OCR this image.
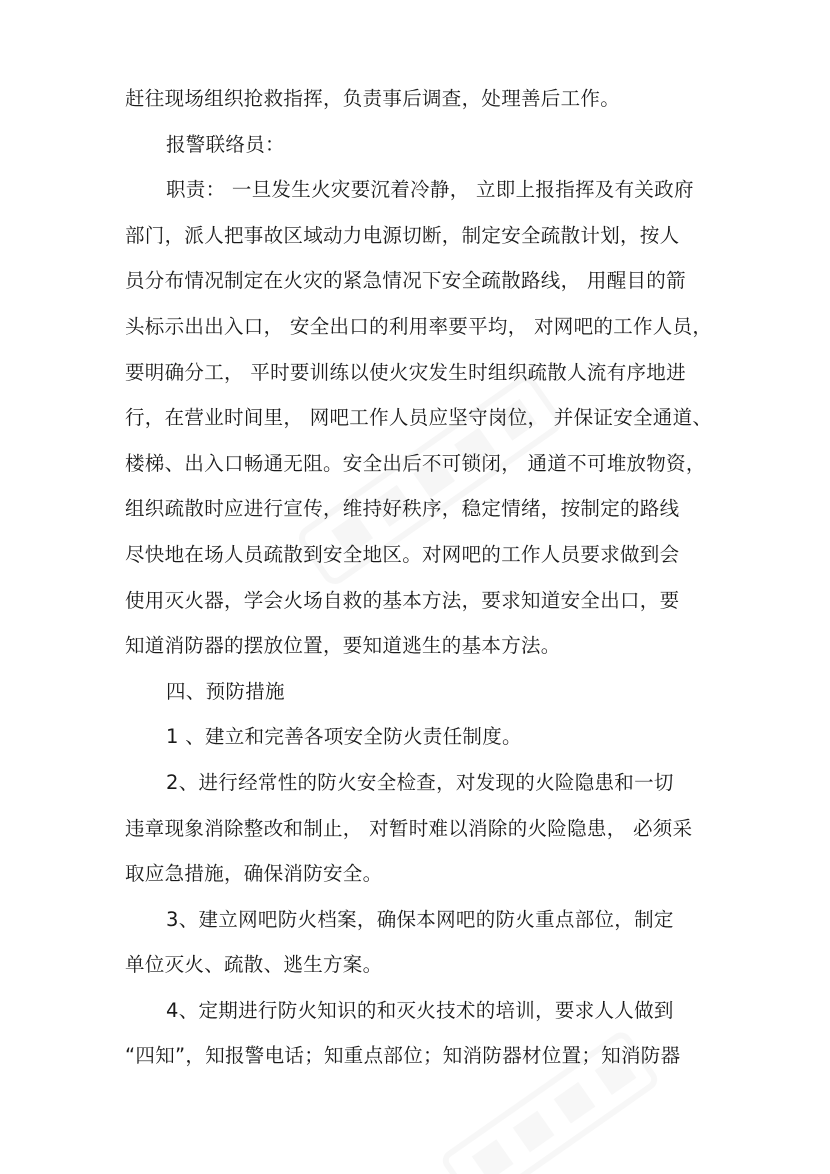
赶往现场组织抢救指挥，负责事后调查，处理善后工作。
报警联络员：
职责： 一旦发生火灾要沉着冷静， 立即上报指挥及有关政府
部门，派人把事故区域动力电源切断，制定安全疏散计划，按人
员分布情况制定在火灾的紧急情况下安全疏散路线， 用醒目的箭
头标示出出入口， 安全出口的利用率要平均， 对网吧的工作人员，
要明确分工， 平时要训练以使火灾发生时组织疏散人流有序地进
行，在营业时间里， 网吧工作人员应坚守岗位， 并保证安全通道、
楼梯、出入口畅通无阻。安全出后不可锁闭， 通道不可堆放物资，
组织疏散时应进行宣传，维持好秩序，稳定情绪，按制定的路线
尽快地在场人员疏散到安全地区。对网吧的工作人员要求做到会
使用灭火器，学会火场自救的基本方法，要求知道安全出口，要
知道消防器的摆放位置，要知道逃生的基本方法。
四、预防措施
1 、建立和完善各项安全防火责任制度。
2、进行经常性的防火安全检查，对发现的火险隐患和一切
违章现象消除整改和制止， 对暂时难以消除的火险隐患， 必须采
取应急措施，确保消防安全。
3、建立网吧防火档案，确保本网吧的防火重点部位，制定
单位灭火、疏散、逃生方案。
4、定期进行防火知识的和灭火技术的培训，要求人人做到
“四知”，知报警电话；知重点部位；知消防器材位置；知消防器
